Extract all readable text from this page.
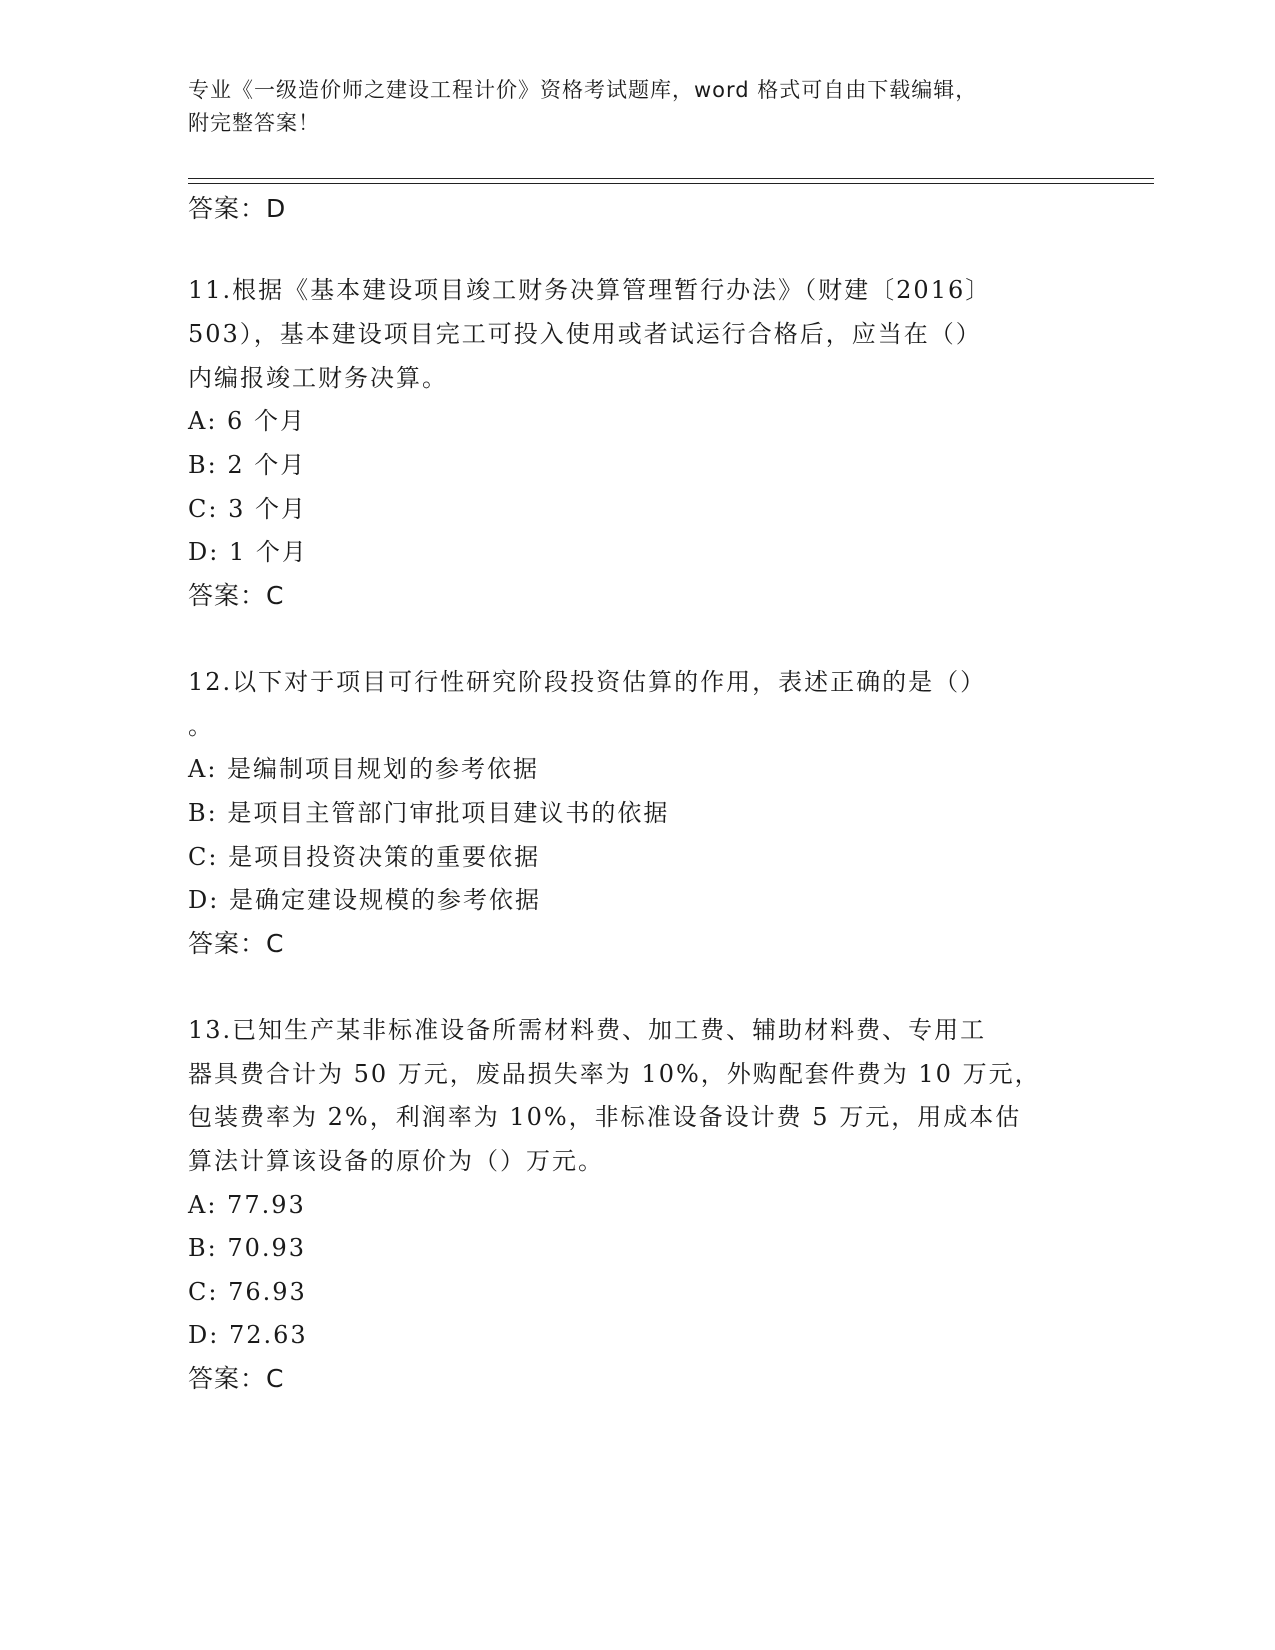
专业《一级造价师之建设工程计价》资格考试题库，word 格式可自由下载编辑，
附完整答案！
答案：D
11.根据《基本建设项目竣工财务决算管理暂行办法》（财建〔2016〕
503），基本建设项目完工可投入使用或者试运行合格后，应当在（）
内编报竣工财务决算。
A: 6 个月
B: 2 个月
C: 3 个月
D: 1 个月
答案：C
12.以下对于项目可行性研究阶段投资估算的作用，表述正确的是（）
。
A: 是编制项目规划的参考依据
B: 是项目主管部门审批项目建议书的依据
C: 是项目投资决策的重要依据
D: 是确定建设规模的参考依据
答案：C
13.已知生产某非标准设备所需材料费、加工费、辅助材料费、专用工
器具费合计为 50 万元，废品损失率为 10%，外购配套件费为 10 万元，
包装费率为 2%，利润率为 10%，非标准设备设计费 5 万元，用成本估
算法计算该设备的原价为（）万元。
A: 77.93
B: 70.93
C: 76.93
D: 72.63
答案：C
